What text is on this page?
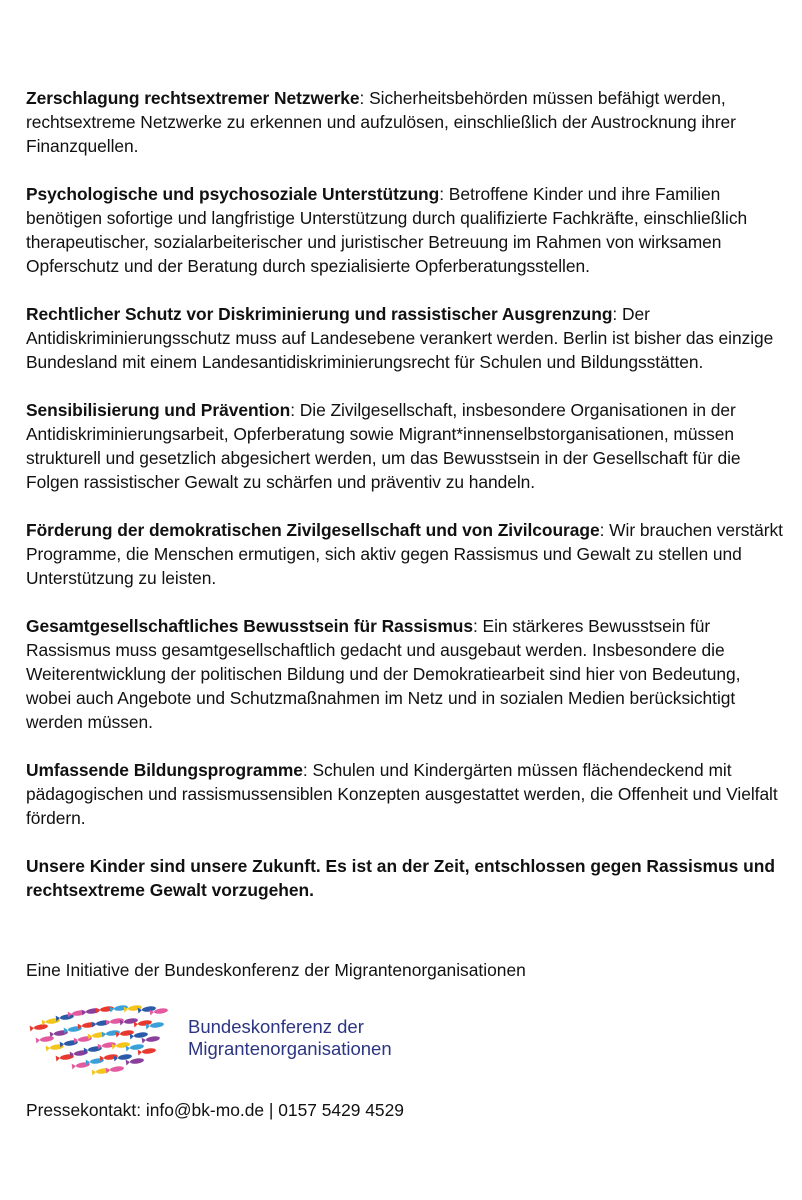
Zerschlagung rechtsextremer Netzwerke: Sicherheitsbehörden müssen befähigt werden, rechtsextreme Netzwerke zu erkennen und aufzulösen, einschließlich der Austrocknung ihrer Finanzquellen.

Psychologische und psychosoziale Unterstützung: Betroffene Kinder und ihre Familien benötigen sofortige und langfristige Unterstützung durch qualifizierte Fachkräfte, einschließlich therapeutischer, sozialarbeiterischer und juristischer Betreuung im Rahmen von wirksamen Opferschutz und der Beratung durch spezialisierte Opferberatungsstellen.

Rechtlicher Schutz vor Diskriminierung und rassistischer Ausgrenzung: Der Antidiskriminierungsschutz muss auf Landesebene verankert werden. Berlin ist bisher das einzige Bundesland mit einem Landesantidiskriminierungsrecht für Schulen und Bildungsstätten.

Sensibilisierung und Prävention: Die Zivilgesellschaft, insbesondere Organisationen in der Antidiskriminierungsarbeit, Opferberatung sowie Migrant*innenselbstorganisationen, müssen strukturell und gesetzlich abgesichert werden, um das Bewusstsein in der Gesellschaft für die Folgen rassistischer Gewalt zu schärfen und präventiv zu handeln.

Förderung der demokratischen Zivilgesellschaft und von Zivilcourage: Wir brauchen verstärkt Programme, die Menschen ermutigen, sich aktiv gegen Rassismus und Gewalt zu stellen und Unterstützung zu leisten.

Gesamtgesellschaftliches Bewusstsein für Rassismus: Ein stärkeres Bewusstsein für Rassismus muss gesamtgesellschaftlich gedacht und ausgebaut werden. Insbesondere die Weiterentwicklung der politischen Bildung und der Demokratiearbeit sind hier von Bedeutung, wobei auch Angebote und Schutzmaßnahmen im Netz und in sozialen Medien berücksichtigt werden müssen.

Umfassende Bildungsprogramme: Schulen und Kindergärten müssen flächendeckend mit pädagogischen und rassismussensiblen Konzepten ausgestattet werden, die Offenheit und Vielfalt fördern.

Unsere Kinder sind unsere Zukunft. Es ist an der Zeit, entschlossen gegen Rassismus und rechtsextreme Gewalt vorzugehen.

Eine Initiative der Bundeskonferenz der Migrantenorganisationen

Bundeskonferenz der
Migrantenorganisationen

Pressekontakt: info@bk-mo.de | 0157 5429 4529
